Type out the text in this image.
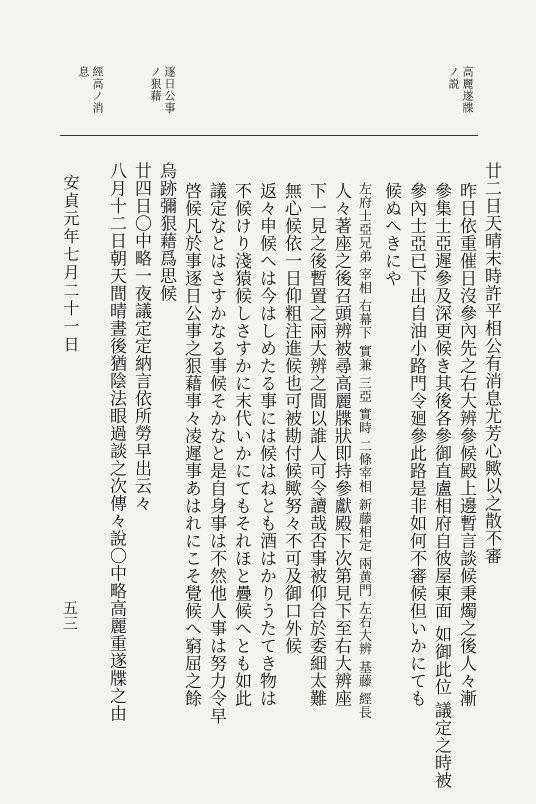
經高ノ消
息	逐日公事
ノ狠藉	高麗遂牒
ノ説
廿二日天晴末時許平相公有消息尤芳心歟以之散不審
昨日依重催日沒參內先之右大辨參候殿上邊暫言談候秉燭之後人々漸
參集士亞遲參及深更候き其後各參御直盧相府自彼屋東面 如御此位 議定之時被
參內士亞已下出自油小路門令廻參此路是非如何不審候但いかにても
候ぬへきにや
左府士亞兄弟 宰相 右幕下 實兼 三亞 實時 二條宰相 新藤相定 兩黄門 左右大辨 基藤 經長
人々著座之後召頭辨被尋高麗牒狀即持參獻殿下次第見下至右大辨座
下一見之後暫置之兩大辨之間以誰人可令讀哉否事被仰合於委細太難
無心候依一日仰粗注進候也可被勘付候歟努々不可及御口外候
返々申候へは今はしめたる事には候はねとも酒はかりうたてき物は
不候けり淺猿候しさすかに末代いかにてもそれほと疊候へとも如此
議定なとはさすかなる事候そかなと是自身事は不然他人事は努力令早
啓候凡於事逐日公事之狠藉事々凌遲事あはれにこそ覺候へ窮屈之餘
烏跡彌狠藉爲思候
廿四日〇中略一夜議定定納言依所勞早出云々
八月十二日朝天間晴晝後猶陰法眼過談之次傳々說〇中略高麗重遂牒之由
安貞元年七月二十一日
五三
